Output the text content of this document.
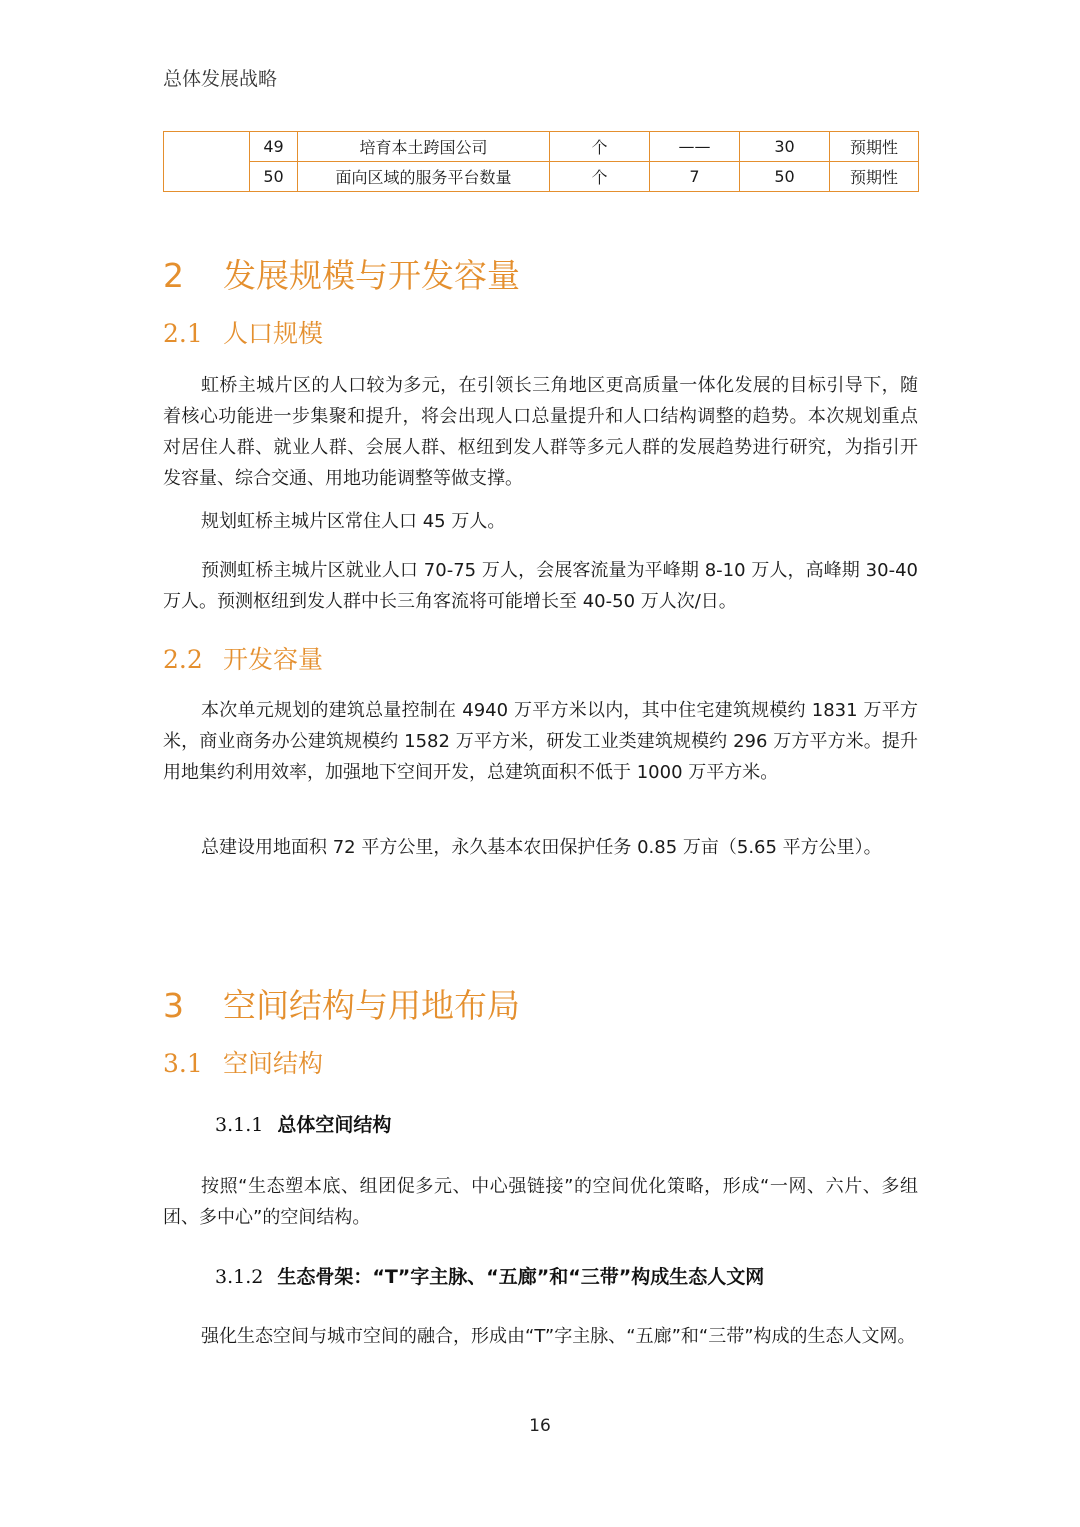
总体发展战略
	49	培育本土跨国公司	个	——	30	预期性
	50	面向区域的服务平台数量	个	7	50	预期性
2 发展规模与开发容量
2.1 人口规模

虹桥主城片区的人口较为多元，在引领长三角地区更高质量一体化发展的目标引导下，随着核心功能进一步集聚和提升，将会出现人口总量提升和人口结构调整的趋势。本次规划重点对居住人群、就业人群、会展人群、枢纽到发人群等多元人群的发展趋势进行研究，为指引开发容量、综合交通、用地功能调整等做支撑。

规划虹桥主城片区常住人口 45 万人。

预测虹桥主城片区就业人口 70-75 万人，会展客流量为平峰期 8-10 万人，高峰期 30-40 万人。预测枢纽到发人群中长三角客流将可能增长至 40-50 万人次/日。

2.2 开发容量

本次单元规划的建筑总量控制在 4940 万平方米以内，其中住宅建筑规模约 1831 万平方米，商业商务办公建筑规模约 1582 万平方米，研发工业类建筑规模约 296 万方平方米。提升用地集约利用效率，加强地下空间开发，总建筑面积不低于 1000 万平方米。

总建设用地面积 72 平方公里，永久基本农田保护任务 0.85 万亩（5.65 平方公里）。

3 空间结构与用地布局
3.1 空间结构
3.1.1 总体空间结构

按照“生态塑本底、组团促多元、中心强链接”的空间优化策略，形成“一网、六片、多组团、多中心”的空间结构。

3.1.2 生态骨架：“T”字主脉、“五廊”和“三带”构成生态人文网

强化生态空间与城市空间的融合，形成由“T”字主脉、“五廊”和“三带”构成的生态人文网。

16
